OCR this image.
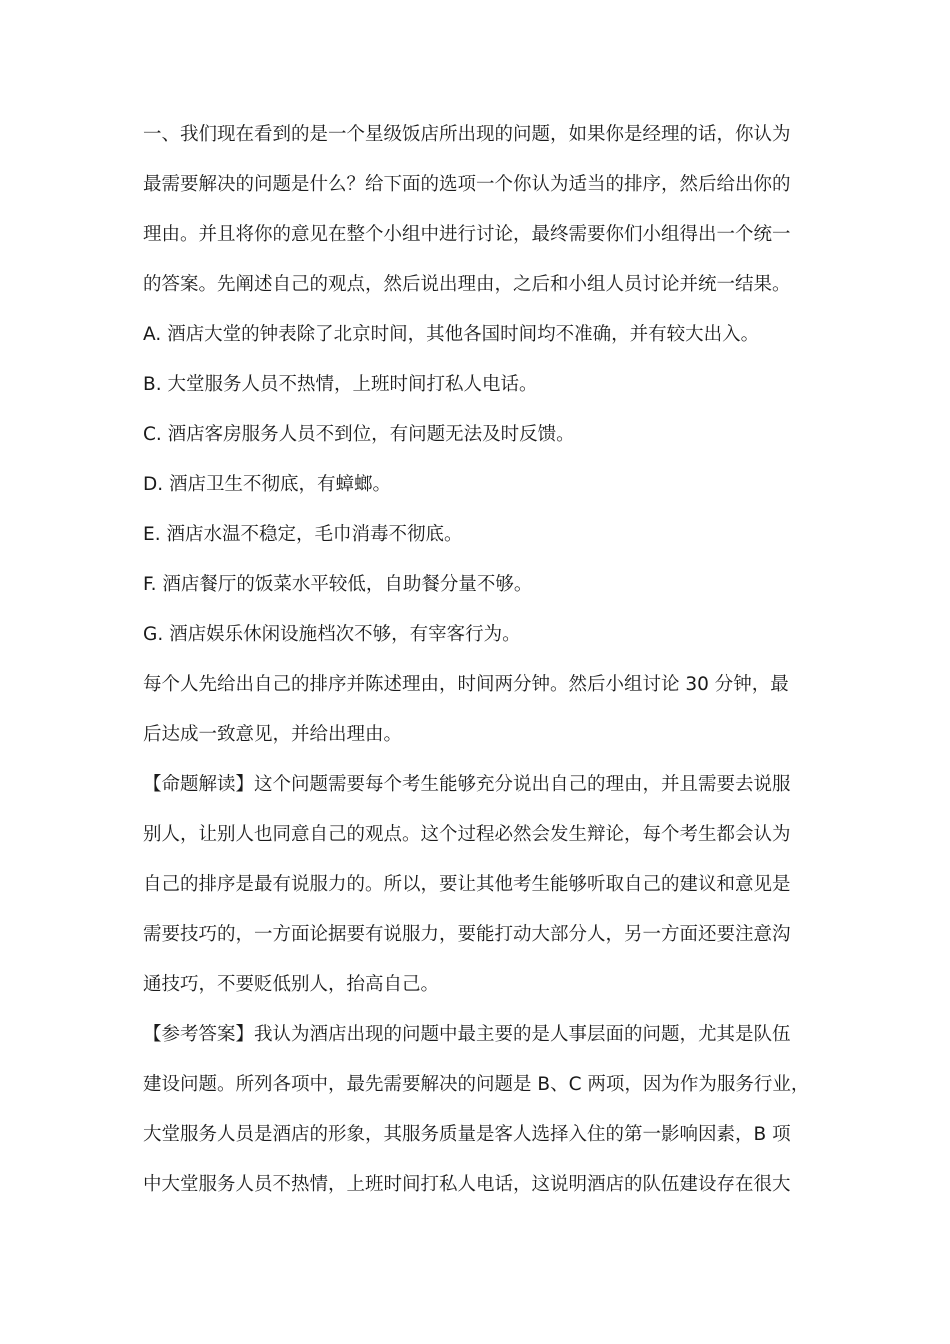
一、我们现在看到的是一个星级饭店所出现的问题，如果你是经理的话，你认为
最需要解决的问题是什么？给下面的选项一个你认为适当的排序，然后给出你的
理由。并且将你的意见在整个小组中进行讨论，最终需要你们小组得出一个统一
的答案。先阐述自己的观点，然后说出理由，之后和小组人员讨论并统一结果。
A. 酒店大堂的钟表除了北京时间，其他各国时间均不准确，并有较大出入。
B. 大堂服务人员不热情，上班时间打私人电话。
C. 酒店客房服务人员不到位，有问题无法及时反馈。
D. 酒店卫生不彻底，有蟑螂。
E. 酒店水温不稳定，毛巾消毒不彻底。
F. 酒店餐厅的饭菜水平较低，自助餐分量不够。
G. 酒店娱乐休闲设施档次不够，有宰客行为。
每个人先给出自己的排序并陈述理由，时间两分钟。然后小组讨论 30 分钟，最
后达成一致意见，并给出理由。
【命题解读】这个问题需要每个考生能够充分说出自己的理由，并且需要去说服
别人，让别人也同意自己的观点。这个过程必然会发生辩论，每个考生都会认为
自己的排序是最有说服力的。所以，要让其他考生能够听取自己的建议和意见是
需要技巧的，一方面论据要有说服力，要能打动大部分人，另一方面还要注意沟
通技巧，不要贬低别人，抬高自己。
【参考答案】我认为酒店出现的问题中最主要的是人事层面的问题，尤其是队伍
建设问题。所列各项中，最先需要解决的问题是 B、C 两项，因为作为服务行业，
大堂服务人员是酒店的形象，其服务质量是客人选择入住的第一影响因素，B 项
中大堂服务人员不热情，上班时间打私人电话，这说明酒店的队伍建设存在很大
